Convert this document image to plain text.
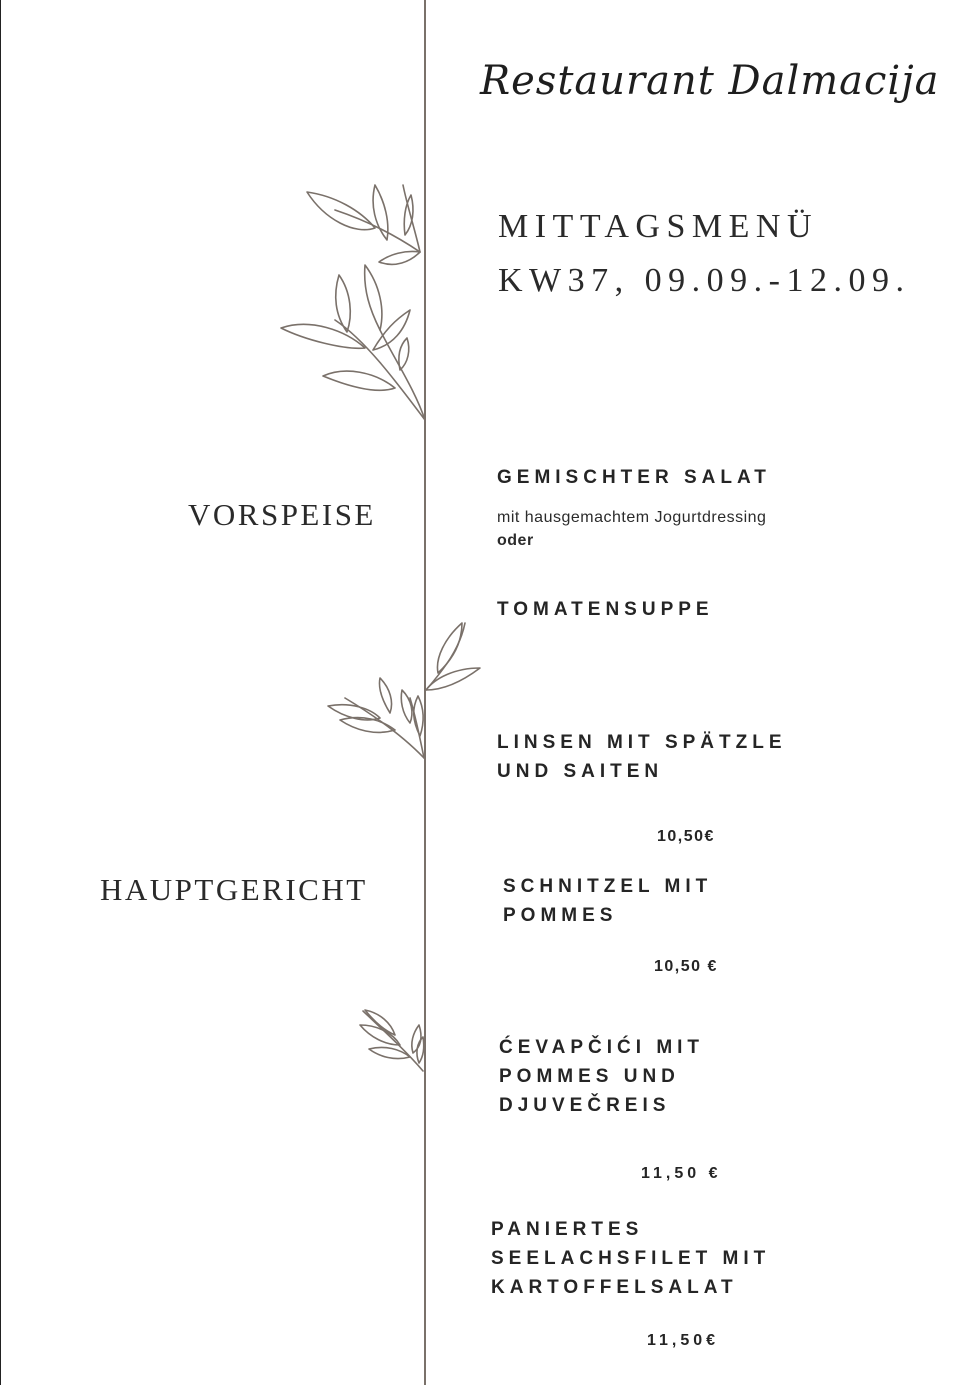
Restaurant Dalmacija
MITTAGSMENÜ
KW37, 09.09.-12.09.
VORSPEISE
HAUPTGERICHT
GEMISCHTER SALAT
mit hausgemachtem Jogurtdressing
oder
TOMATENSUPPE
LINSEN MIT SPÄTZLE
UND SAITEN
10,50€
SCHNITZEL MIT
POMMES
10,50 €
ĆEVAPČIĆI MIT
POMMES UND
DJUVEČREIS
11,50 €
PANIERTES
SEELACHSFILET MIT
KARTOFFELSALAT
11,50€
